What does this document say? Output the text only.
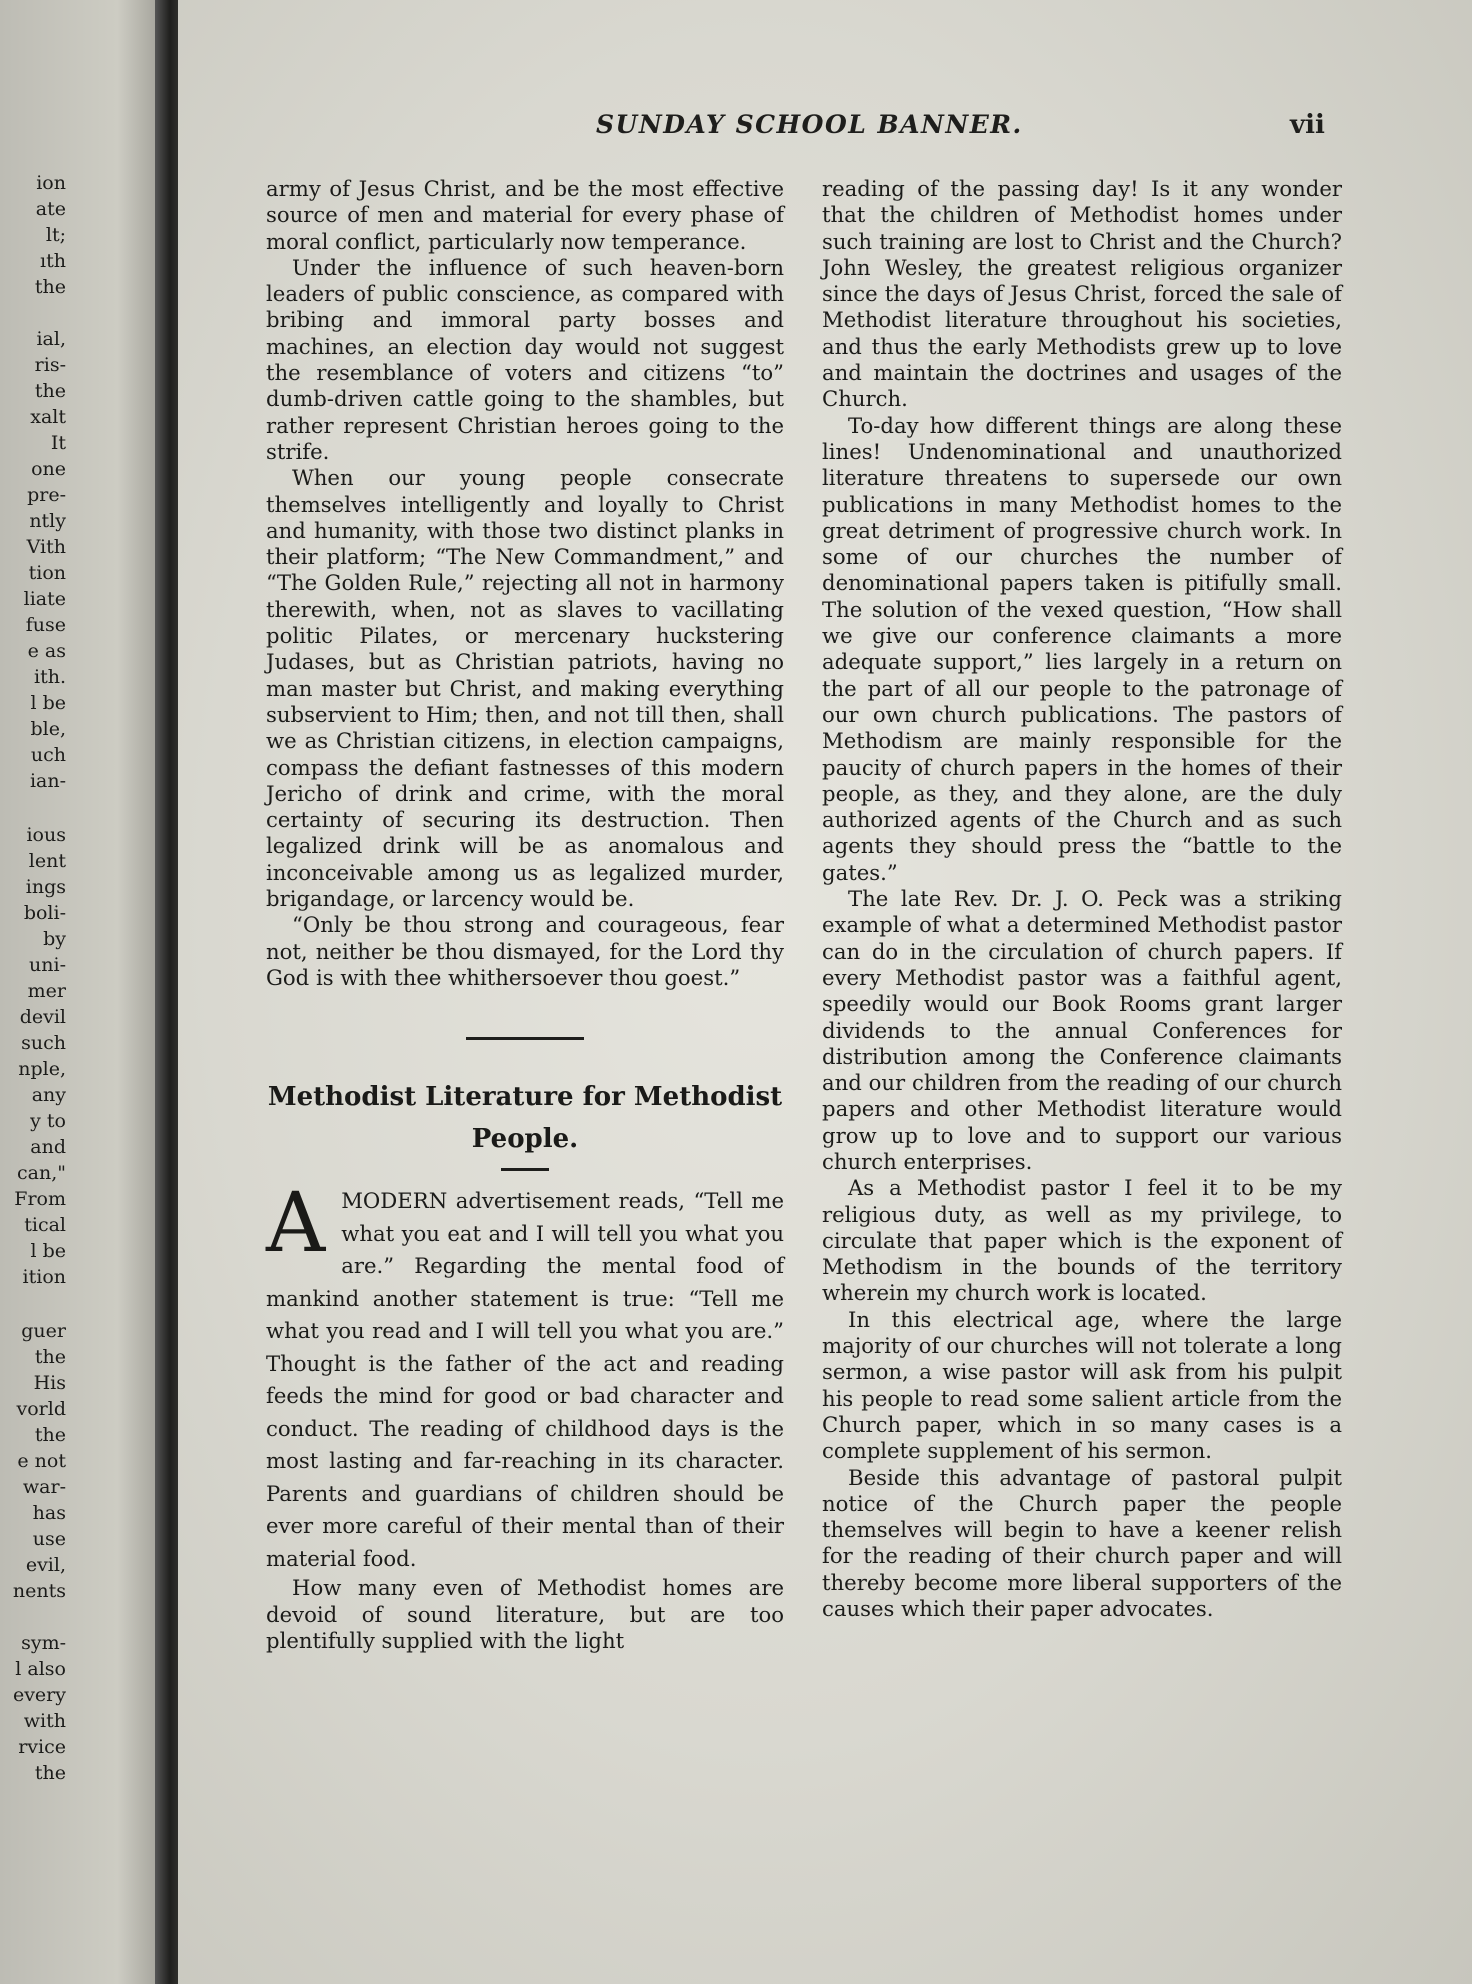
ion
ate
lt;
ıth
the
ial,
ris-
the
xalt
It
one
pre-
ntly
Vith
tion
liate
fuse
e as
ith.
l be
ble,
uch
ian-
ious
lent
ings
boli-
by
uni-
mer
devil
such
nple,
any
y to
and
can,"
From
tical
l be
ition
guer
the
His
vorld
the
e not
war-
has
use
evil,
nents
sym-
l also
every
with
rvice
the
SUNDAY SCHOOL BANNER.	vii

army of Jesus Christ, and be the most effective source of men and material for every phase of moral conflict, particularly now temperance.

Under the influence of such heaven-born leaders of public conscience, as compared with bribing and immoral party bosses and machines, an election day would not suggest the resemblance of voters and citizens “to” dumb-driven cattle going to the shambles, but rather represent Christian heroes going to the strife.

When our young people consecrate themselves intelligently and loyally to Christ and humanity, with those two distinct planks in their platform; “The New Commandment,” and “The Golden Rule,” rejecting all not in harmony therewith, when, not as slaves to vacillating politic Pilates, or mercenary huckstering Judases, but as Christian patriots, having no man master but Christ, and making everything subservient to Him; then, and not till then, shall we as Christian citizens, in election campaigns, compass the defiant fastnesses of this modern Jericho of drink and crime, with the moral certainty of securing its destruction. Then legalized drink will be as anomalous and inconceivable among us as legalized murder, brigandage, or larcency would be.

“Only be thou strong and courageous, fear not, neither be thou dismayed, for the Lord thy God is with thee whithersoever thou goest.”

Methodist Literature for Methodist People.

AMODERN advertisement reads, “Tell me what you eat and I will tell you what you are.” Regarding the mental food of mankind another statement is true: “Tell me what you read and I will tell you what you are.” Thought is the father of the act and reading feeds the mind for good or bad character and conduct. The reading of childhood days is the most lasting and far-reaching in its character. Parents and guardians of children should be ever more careful of their mental than of their material food.

How many even of Methodist homes are devoid of sound literature, but are too plentifully supplied with the light

reading of the passing day! Is it any wonder that the children of Methodist homes under such training are lost to Christ and the Church? John Wesley, the greatest religious organizer since the days of Jesus Christ, forced the sale of Methodist literature throughout his societies, and thus the early Methodists grew up to love and maintain the doctrines and usages of the Church.

To-day how different things are along these lines! Undenominational and unauthorized literature threatens to supersede our own publications in many Methodist homes to the great detriment of progressive church work. In some of our churches the number of denominational papers taken is pitifully small. The solution of the vexed question, “How shall we give our conference claimants a more adequate support,” lies largely in a return on the part of all our people to the patronage of our own church publications. The pastors of Methodism are mainly responsible for the paucity of church papers in the homes of their people, as they, and they alone, are the duly authorized agents of the Church and as such agents they should press the “battle to the gates.”

The late Rev. Dr. J. O. Peck was a striking example of what a determined Methodist pastor can do in the circulation of church papers. If every Methodist pastor was a faithful agent, speedily would our Book Rooms grant larger dividends to the annual Conferences for distribution among the Conference claimants and our children from the reading of our church papers and other Methodist literature would grow up to love and to support our various church enterprises.

As a Methodist pastor I feel it to be my religious duty, as well as my privilege, to circulate that paper which is the exponent of Methodism in the bounds of the territory wherein my church work is located.

In this electrical age, where the large majority of our churches will not tolerate a long sermon, a wise pastor will ask from his pulpit his people to read some salient article from the Church paper, which in so many cases is a complete supplement of his sermon.

Beside this advantage of pastoral pulpit notice of the Church paper the people themselves will begin to have a keener relish for the reading of their church paper and will thereby become more liberal supporters of the causes which their paper advocates.
